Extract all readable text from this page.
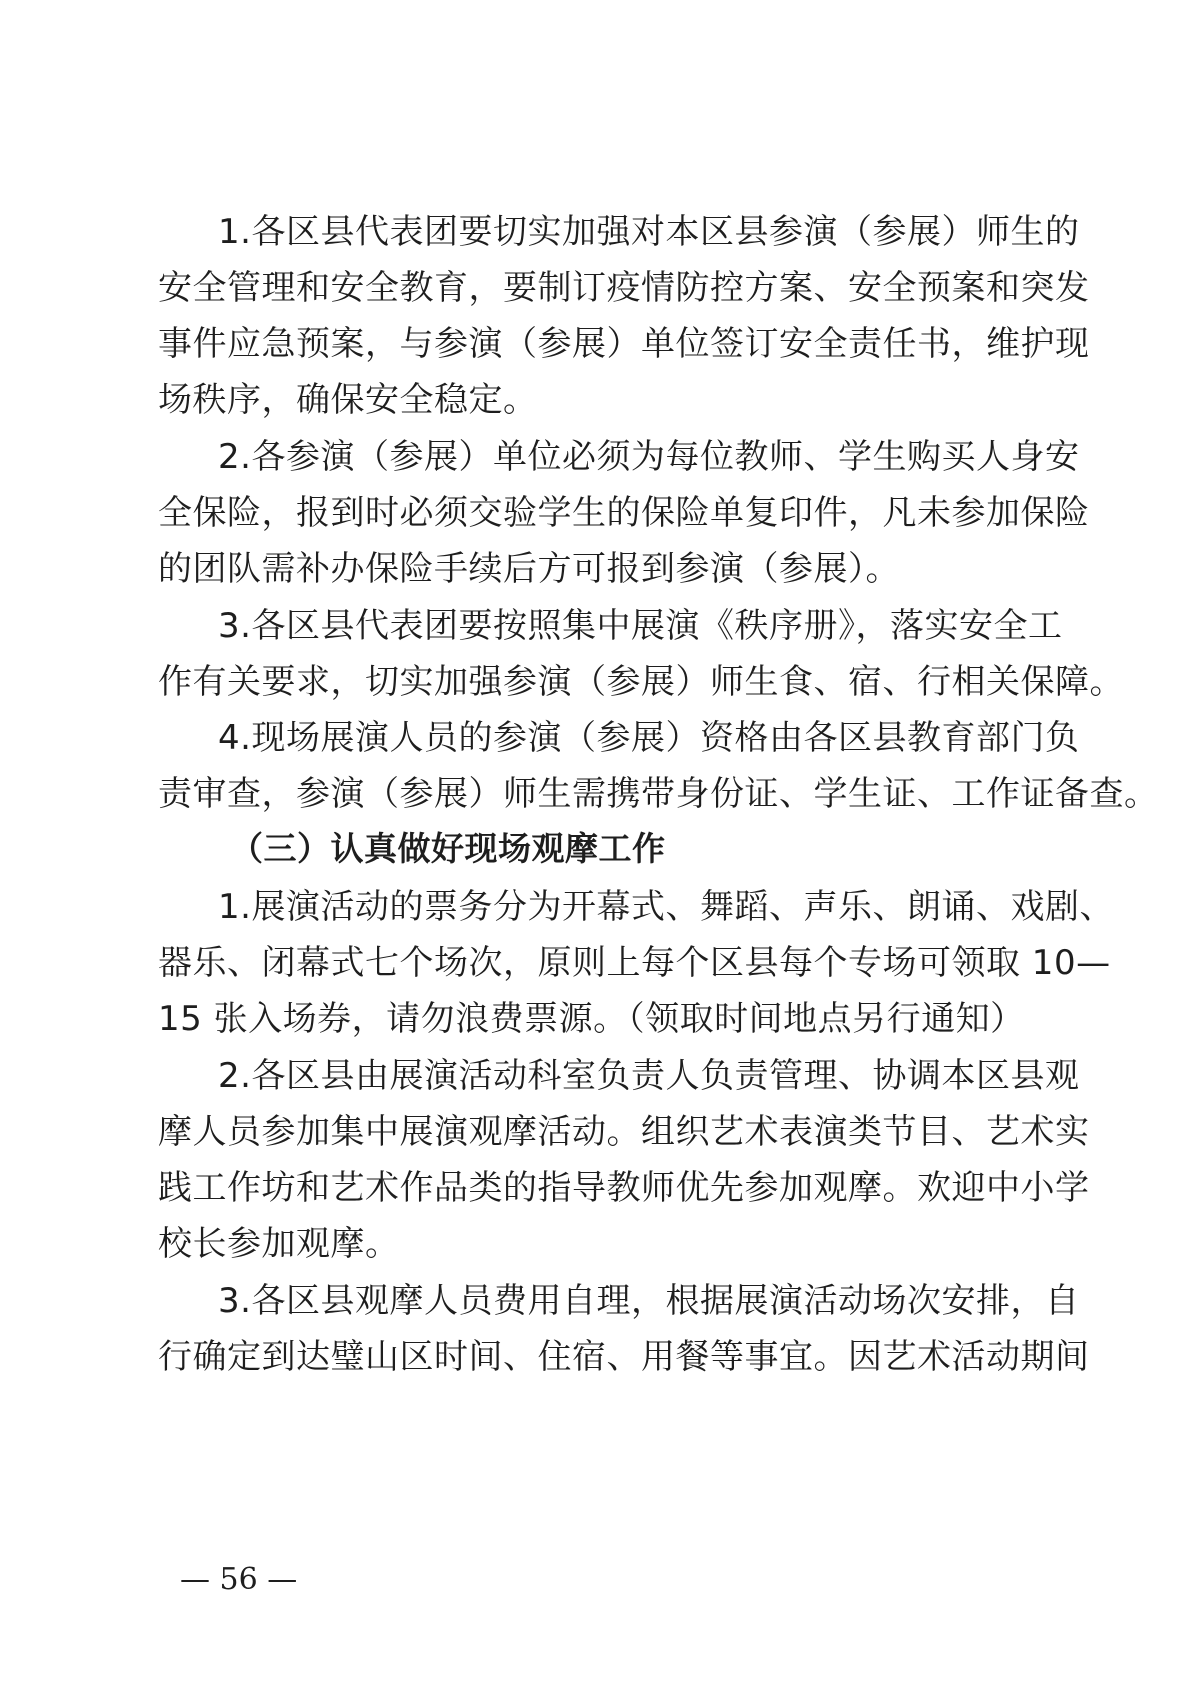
1.各区县代表团要切实加强对本区县参演（参展）师生的
安全管理和安全教育，要制订疫情防控方案、安全预案和突发
事件应急预案，与参演（参展）单位签订安全责任书，维护现
场秩序，确保安全稳定。
2.各参演（参展）单位必须为每位教师、学生购买人身安
全保险，报到时必须交验学生的保险单复印件，凡未参加保险
的团队需补办保险手续后方可报到参演（参展）。
3.各区县代表团要按照集中展演《秩序册》，落实安全工
作有关要求，切实加强参演（参展）师生食、宿、行相关保障。
4.现场展演人员的参演（参展）资格由各区县教育部门负
责审查，参演（参展）师生需携带身份证、学生证、工作证备查。
（三）认真做好现场观摩工作
1.展演活动的票务分为开幕式、舞蹈、声乐、朗诵、戏剧、
器乐、闭幕式七个场次，原则上每个区县每个专场可领取 10—
15 张入场券，请勿浪费票源。（领取时间地点另行通知）
2.各区县由展演活动科室负责人负责管理、协调本区县观
摩人员参加集中展演观摩活动。组织艺术表演类节目、艺术实
践工作坊和艺术作品类的指导教师优先参加观摩。欢迎中小学
校长参加观摩。
3.各区县观摩人员费用自理，根据展演活动场次安排，自
行确定到达璧山区时间、住宿、用餐等事宜。因艺术活动期间
— 56 —
